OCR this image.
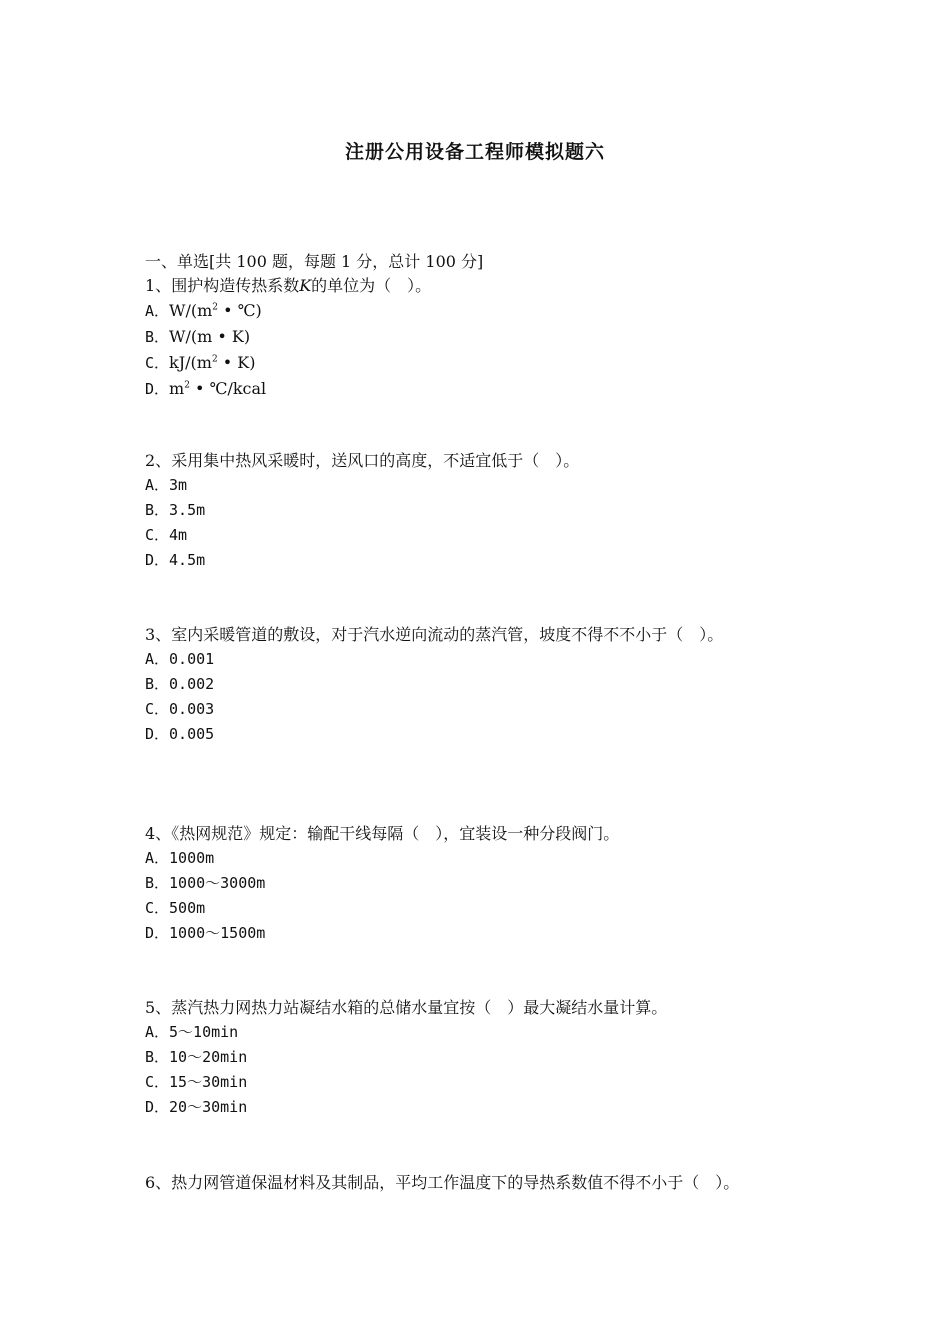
注册公用设备工程师模拟题六
一、单选[共 100 题，每题 1 分，总计 100 分]

1、围护构造传热系数K的单位为（　）。

A．$W/(m^2$ • ℃)

B．W/(m • K)

C．$kJ/(m^2$ • K)

D．$m^2$ • ℃/kcal

2、采用集中热风采暖时，送风口的高度，不适宜低于（　）。

A．3m

B．3.5m

C．4m

D．4.5m

3、室内采暖管道的敷设，对于汽水逆向流动的蒸汽管，坡度不得不不小于（　）。

A．0.001

B．0.002

C．0.003

D．0.005

4、《热网规范》规定：输配干线每隔（　），宜装设一种分段阀门。

A．1000m

B．1000～3000m

C．500m

D．1000～1500m

5、蒸汽热力网热力站凝结水箱的总储水量宜按（　）最大凝结水量计算。

A．5～10min

B．10～20min

C．15～30min

D．20～30min

6、热力网管道保温材料及其制品，平均工作温度下的导热系数值不得不小于（　）。
